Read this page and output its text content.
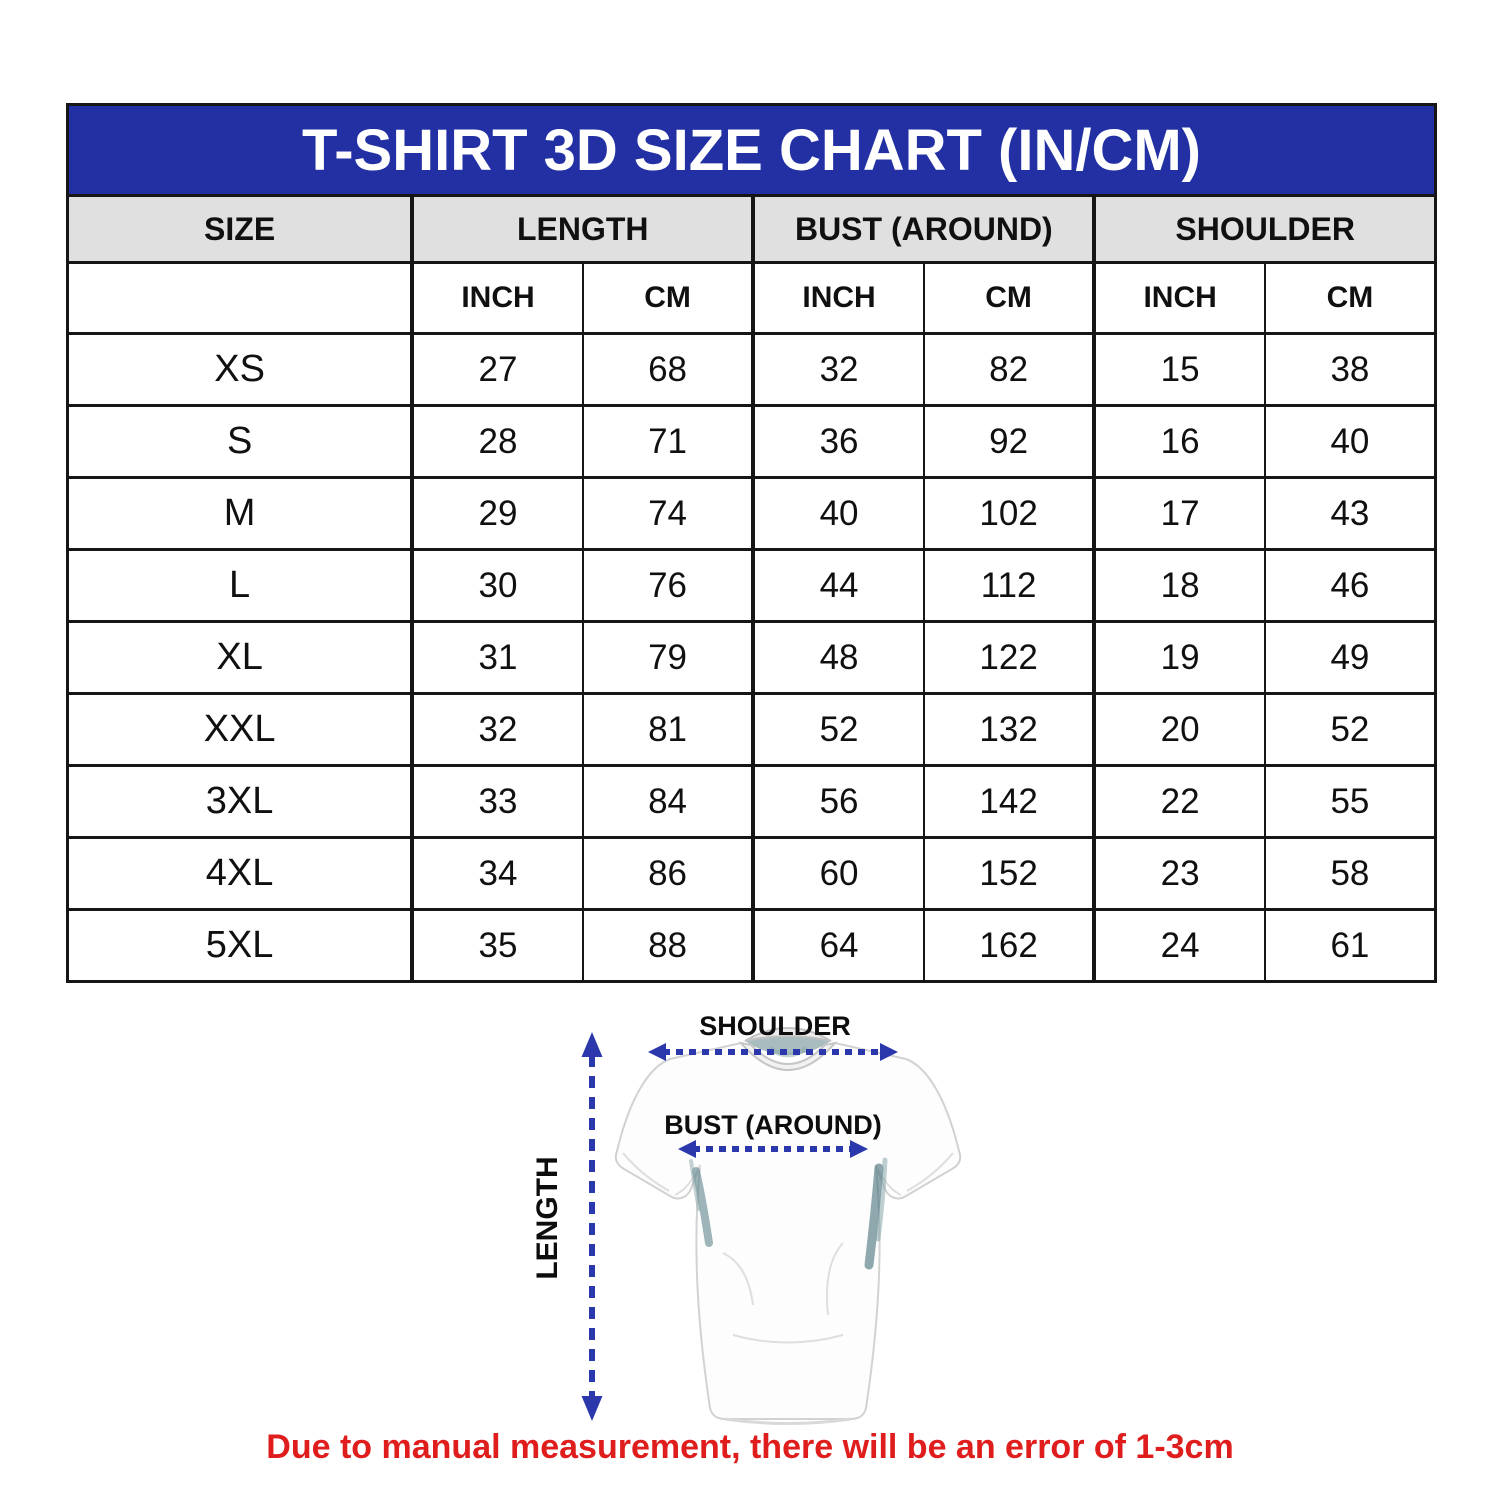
T-SHIRT 3D SIZE CHART (IN/CM)
SIZE	LENGTH		BUST (AROUND)		SHOULDER	
	INCH	CM	INCH	CM	INCH	CM
XS	27	68	32	82	15	38
S	28	71	36	92	16	40
M	29	74	40	102	17	43
L	30	76	44	112	18	46
XL	31	79	48	122	19	49
XXL	32	81	52	132	20	52
3XL	33	84	56	142	22	55
4XL	34	86	60	152	23	58
5XL	35	88	64	162	24	61
SHOULDER
BUST (AROUND)
LENGTH
Due to manual measurement, there will be an error of 1-3cm
